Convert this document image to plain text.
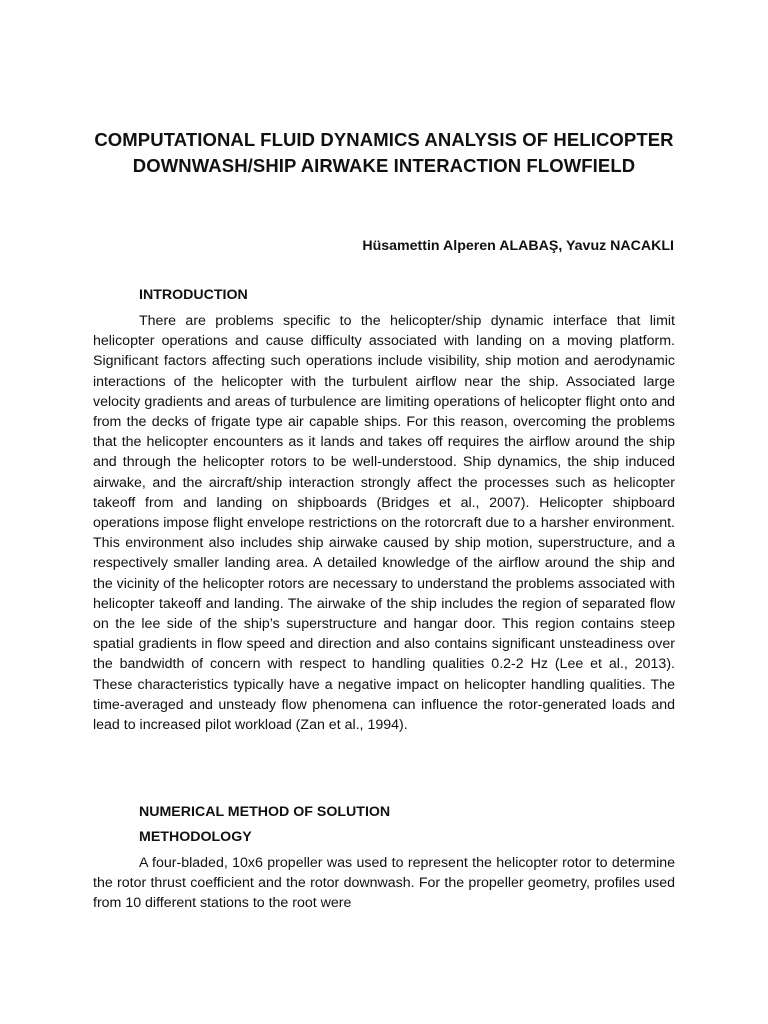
COMPUTATIONAL FLUID DYNAMICS ANALYSIS OF HELICOPTER DOWNWASH/SHIP AIRWAKE INTERACTION FLOWFIELD
Hüsamettin Alperen ALABAŞ, Yavuz NACAKLI
INTRODUCTION
There are problems specific to the helicopter/ship dynamic interface that limit helicopter operations and cause difficulty associated with landing on a moving platform. Significant factors affecting such operations include visibility, ship motion and aerodynamic interactions of the helicopter with the turbulent airflow near the ship. Associated large velocity gradients and areas of turbulence are limiting operations of helicopter flight onto and from the decks of frigate type air capable ships. For this reason, overcoming the problems that the helicopter encounters as it lands and takes off requires the airflow around the ship and through the helicopter rotors to be well-understood. Ship dynamics, the ship induced airwake, and the aircraft/ship interaction strongly affect the processes such as helicopter takeoff from and landing on shipboards (Bridges et al., 2007). Helicopter shipboard operations impose flight envelope restrictions on the rotorcraft due to a harsher environment. This environment also includes ship airwake caused by ship motion, superstructure, and a respectively smaller landing area. A detailed knowledge of the airflow around the ship and the vicinity of the helicopter rotors are necessary to understand the problems associated with helicopter takeoff and landing. The airwake of the ship includes the region of separated flow on the lee side of the ship’s superstructure and hangar door. This region contains steep spatial gradients in flow speed and direction and also contains significant unsteadiness over the bandwidth of concern with respect to handling qualities 0.2-2 Hz (Lee et al., 2013). These characteristics typically have a negative impact on helicopter handling qualities. The time-averaged and unsteady flow phenomena can influence the rotor-generated loads and lead to increased pilot workload (Zan et al., 1994).
NUMERICAL METHOD OF SOLUTION
METHODOLOGY
A four-bladed, 10x6 propeller was used to represent the helicopter rotor to determine the rotor thrust coefficient and the rotor downwash. For the propeller geometry, profiles used from 10 different stations to the root were
